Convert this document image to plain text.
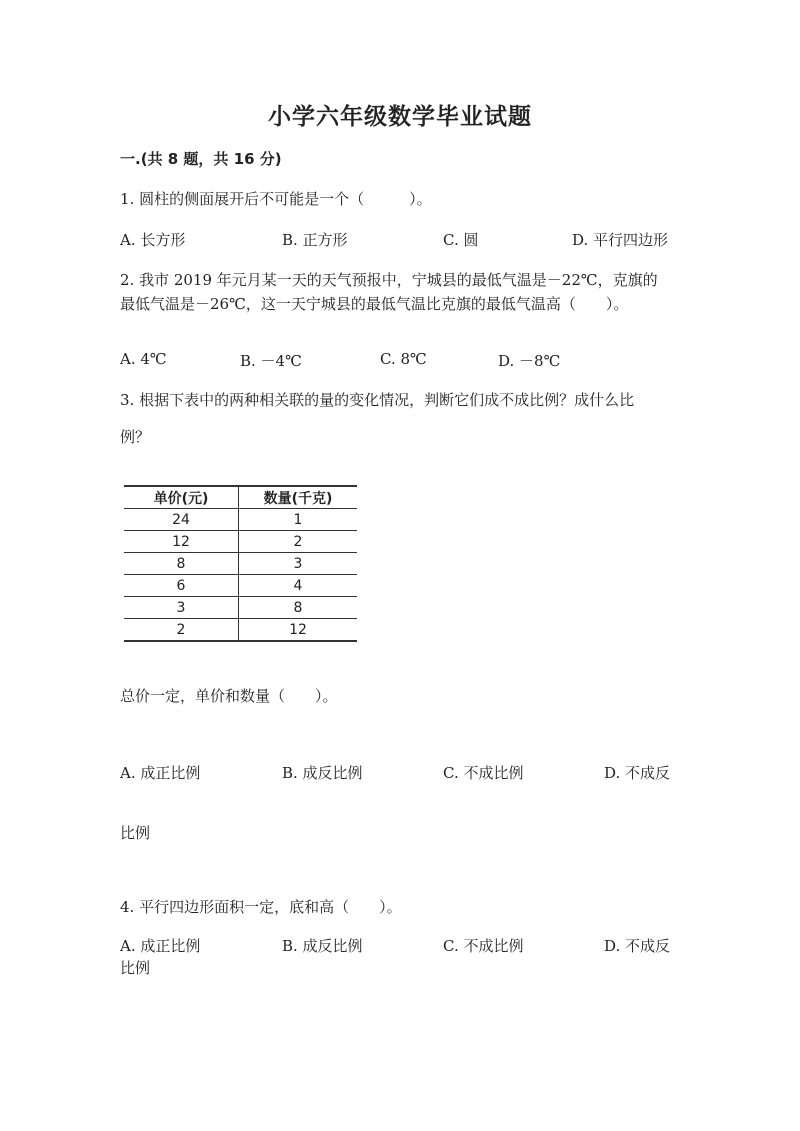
小学六年级数学毕业试题
一.(共 8 题，共 16 分)
1. 圆柱的侧面展开后不可能是一个（　　　）。
A. 长方形	B. 正方形	C. 圆	D. 平行四边形
2. 我市 2019 年元月某一天的天气预报中，宁城县的最低气温是－22℃，克旗的
最低气温是－26℃，这一天宁城县的最低气温比克旗的最低气温高（　　）。
A. 4℃	B. －4℃	C. 8℃	D. －8℃
3. 根据下表中的两种相关联的量的变化情况，判断它们成不成比例？成什么比
例？
单价(元)	数量(千克)
24	1
12	2
8	3
6	4
3	8
2	12
总价一定，单价和数量（　　）。
A. 成正比例	B. 成反比例	C. 不成比例	D. 不成反
比例
4. 平行四边形面积一定，底和高（　　）。
A. 成正比例	B. 成反比例	C. 不成比例	D. 不成反
比例
